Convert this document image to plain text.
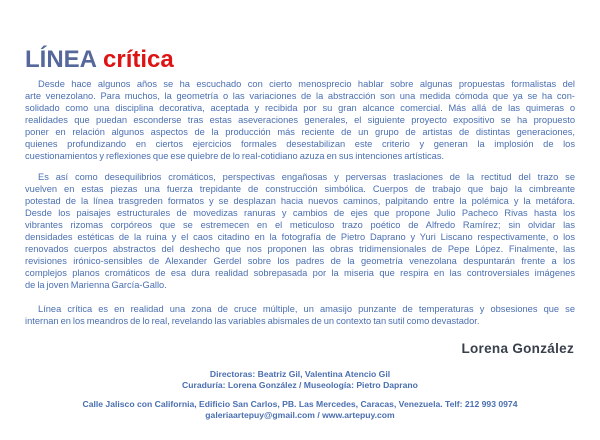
LÍNEA crítica
Desde hace algunos años se ha escuchado con cierto menosprecio hablar sobre algunas propuestas formalistas del
arte venezolano. Para muchos, la geometría o las variaciones de la abstracción son una medida cómoda que ya se ha con-
solidado como una disciplina decorativa, aceptada y recibida por su gran alcance comercial. Más allá de las quimeras o
realidades que puedan esconderse tras estas aseveraciones generales, el siguiente proyecto expositivo se ha propuesto
poner en relación algunos aspectos de la producción más reciente de un grupo de artistas de distintas generaciones,
quienes profundizando en ciertos ejercicios formales desestabilizan este criterio y generan la implosión de los
cuestionamientos y reflexiones que ese quiebre de lo real-cotidiano azuza en sus intenciones artísticas.
Es así como desequilibrios cromáticos, perspectivas engañosas y perversas traslaciones de la rectitud del trazo se
vuelven en estas piezas una fuerza trepidante de construcción simbólica. Cuerpos de trabajo que bajo la cimbreante
potestad de la línea trasgreden formatos y se desplazan hacia nuevos caminos, palpitando entre la polémica y la metáfora.
Desde los paisajes estructurales de movedizas ranuras y cambios de ejes que propone Julio Pacheco Rivas hasta los
vibrantes rizomas corpóreos que se estremecen en el meticuloso trazo poético de Alfredo Ramírez; sin olvidar las
densidades estéticas de la ruina y el caos citadino en la fotografía de Pietro Daprano y Yuri Liscano respectivamente, o los
renovados cuerpos abstractos del deshecho que nos proponen las obras tridimensionales de Pepe López. Finalmente, las
revisiones irónico-sensibles de Alexander Gerdel sobre los padres de la geometría venezolana despuntarán frente a los
complejos planos cromáticos de esa dura realidad sobrepasada por la miseria que respira en las controversiales imágenes
de la joven Marienna García-Gallo.
Línea crítica es en realidad una zona de cruce múltiple, un amasijo punzante de temperaturas y obsesiones que se
internan en los meandros de lo real, revelando las variables abismales de un contexto tan sutil como devastador.
Lorena González
Directoras: Beatriz Gil, Valentina Atencio Gil
Curaduría: Lorena González / Museología: Pietro Daprano
Calle Jalisco con California, Edificio San Carlos, PB. Las Mercedes, Caracas, Venezuela. Telf: 212 993 0974
galeriaartepuy@gmail.com / www.artepuy.com
